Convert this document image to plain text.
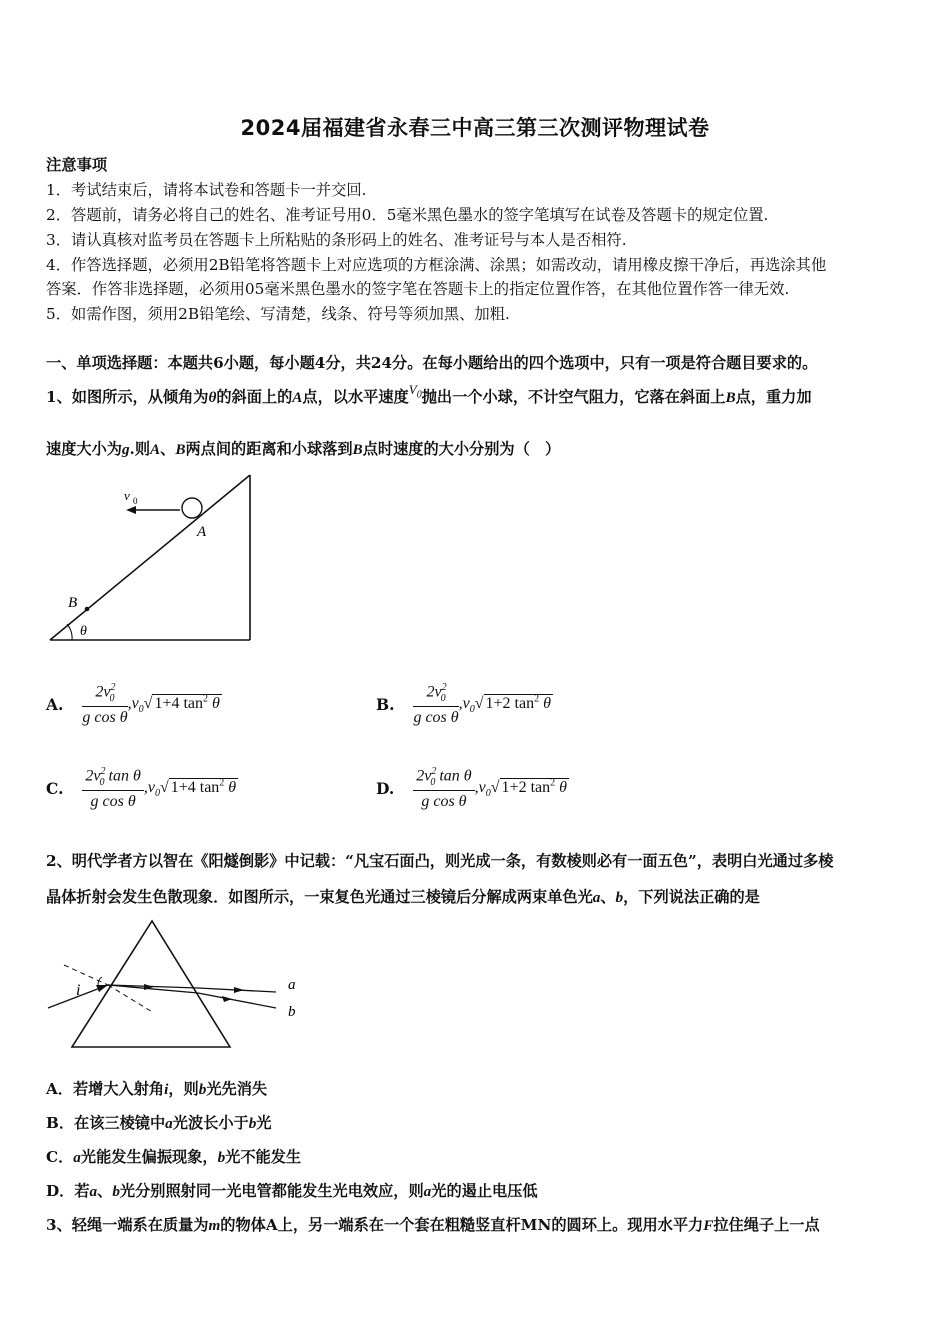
2024届福建省永春三中高三第三次测评物理试卷
注意事项
1．考试结束后，请将本试卷和答题卡一并交回.
2．答题前，请务必将自己的姓名、准考证号用0．5毫米黑色墨水的签字笔填写在试卷及答题卡的规定位置.
3．请认真核对监考员在答题卡上所粘贴的条形码上的姓名、准考证号与本人是否相符.
4．作答选择题，必须用2B铅笔将答题卡上对应选项的方框涂满、涂黑；如需改动，请用橡皮擦干净后，再选涂其他
答案．作答非选择题，必须用05毫米黑色墨水的签字笔在答题卡上的指定位置作答，在其他位置作答一律无效.
5．如需作图，须用2B铅笔绘、写清楚，线条、符号等须加黑、加粗.
一、单项选择题：本题共6小题，每小题4分，共24分。在每小题给出的四个选项中，只有一项是符合题目要求的。
1、如图所示，从倾角为θ的斜面上的A点，以水平速度$V_0$抛出一个小球，不计空气阻力，它落在斜面上B点，重力加
速度大小为g.则A、B两点间的距离和小球落到B点时速度的大小分别为（　）
v 0
A
B
θ
A. $\frac{2v^2_0}{\text{g cos θ}} ,v_0√$ 1+4 $\tan^2 \theta$	B. $\frac{2v^2_0}{\text{g cos θ}} ,v_0√$ 1+2 $\tan^2 \theta$
C. $\frac{2v^2_0 \tan \theta}{\text{g cos θ}} ,v_0√$ 1+4 $\tan^2 \theta$	D. $\frac{2v^2_0 \tan \theta}{\text{g cos θ}} ,v_0√$ 1+2 $\tan^2 \theta$
2、明代学者方以智在《阳燧倒影》中记载：“凡宝石面凸，则光成一条，有数棱则必有一面五色”，表明白光通过多棱
晶体折射会发生色散现象．如图所示，一束复色光通过三棱镜后分解成两束单色光a、b，下列说法正确的是
i	a
b
A．若增大入射角i，则b光先消失
B．在该三棱镜中a光波长小于b光
C．a光能发生偏振现象，b光不能发生
D．若a、b光分别照射同一光电管都能发生光电效应，则a光的遏止电压低
3、轻绳一端系在质量为m的物体A上，另一端系在一个套在粗糙竖直杆MN的圆环上。现用水平力F拉住绳子上一点
